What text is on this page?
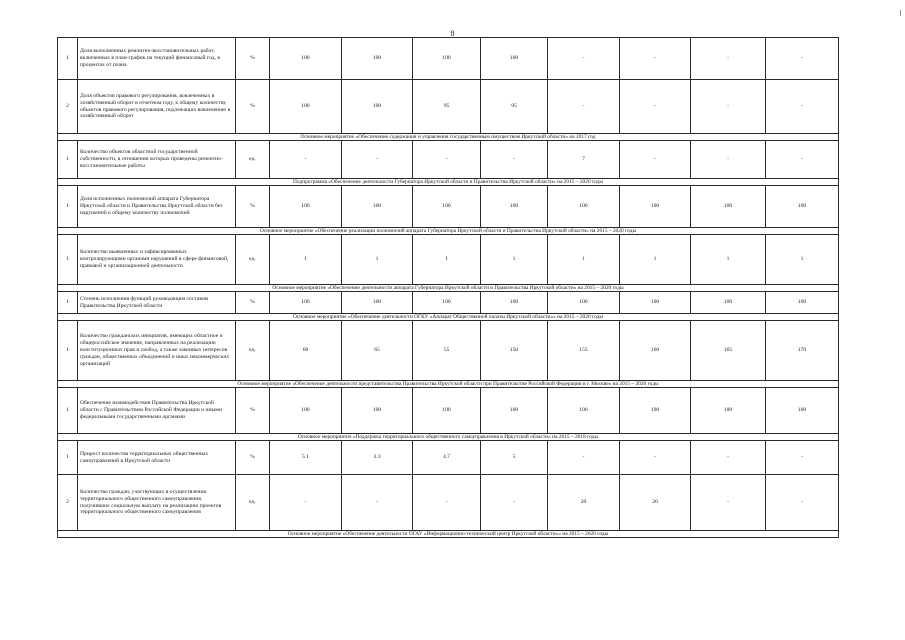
8
1	Доля выполненных ремонтно-восстановительных работ, включенных в план-график на текущий финансовый год, в процентах от плана	%	100	100	100	100	-	-	-	-
2	Доля объектов правового регулирования, вовлеченных в хозяйственный оборот в отчетном году, к общему количеству объектов правового регулирования, подлежащих вовлечению в хозяйственный оборот	%	100	100	95	95	-	-	-	-
Основное мероприятие «Обеспечение содержания и управления государственным имуществом Иркутской области» на 2017 год										
1	Количество объектов областной государственной собственности, в отношении которых проведены ремонтно-восстановительные работы	ед.	-	-	-	-	7	-	-	-
Подпрограмма «Обеспечение деятельности Губернатора Иркутской области и Правительства Иркутской области» на 2015 – 2020 годы										
1	Доля исполненных полномочий аппарата Губернатора Иркутской области и Правительства Иркутской области без нарушений к общему количеству полномочий	%	100	100	100	100	100	100	100	100
Основное мероприятие «Обеспечение реализации полномочий аппарата Губернатора Иркутской области и Правительства Иркутской области» на 2015 – 2020 годы										
1	Количество выявленных и зафиксированных контролирующими органами нарушений в сфере финансовой, правовой и организационной деятельности	ед.	1	1	1	1	1	1	1	1
Основное мероприятие «Обеспечение деятельности аппарата Губернатора Иркутской области и Правительства Иркутской области» на 2015 – 2020 годы										
1	Степень исполнения функций руководящим составом Правительства Иркутской области	%	100	100	100	100	100	100	100	100
Основное мероприятие «Обеспечение деятельности ОГКУ «Аппарат Общественной палаты Иркутской области»» на 2015 – 2020 годы										
1	Количество гражданских инициатив, имеющих областное и общероссийское значение, направленных на реализацию конституционных прав и свобод, а также законных интересов граждан, общественных объединений и иных некоммерческих организаций	ед.	60	65	55	150	155	160	165	170
Основное мероприятие «Обеспечение деятельности представительства Правительства Иркутской области при Правительстве Российской Федерации в г. Москве» на 2015 – 2020 годы										
1	Обеспечение взаимодействия Правительства Иркутской области с Правительством Российской Федерации и иными федеральными государственными органами	%	100	100	100	100	100	100	100	100
Основное мероприятие «Поддержка территориального общественного самоуправления в Иркутской области» на 2015 – 2018 годы										
1	Прирост количества территориальных общественных самоуправлений в Иркутской области	%	5.1	3.3	4.7	5	-	-	-	-
2	Количество граждан, участвующих в осуществлении территориального общественного самоуправления, получивших социальную выплату на реализацию проектов территориального общественного самоуправления	ед.	-	-	-	-	20	20	-	-
Основное мероприятие «Обеспечение деятельности ОГАУ «Информационно-технический центр Иркутской области»» на 2015 – 2020 годы										
